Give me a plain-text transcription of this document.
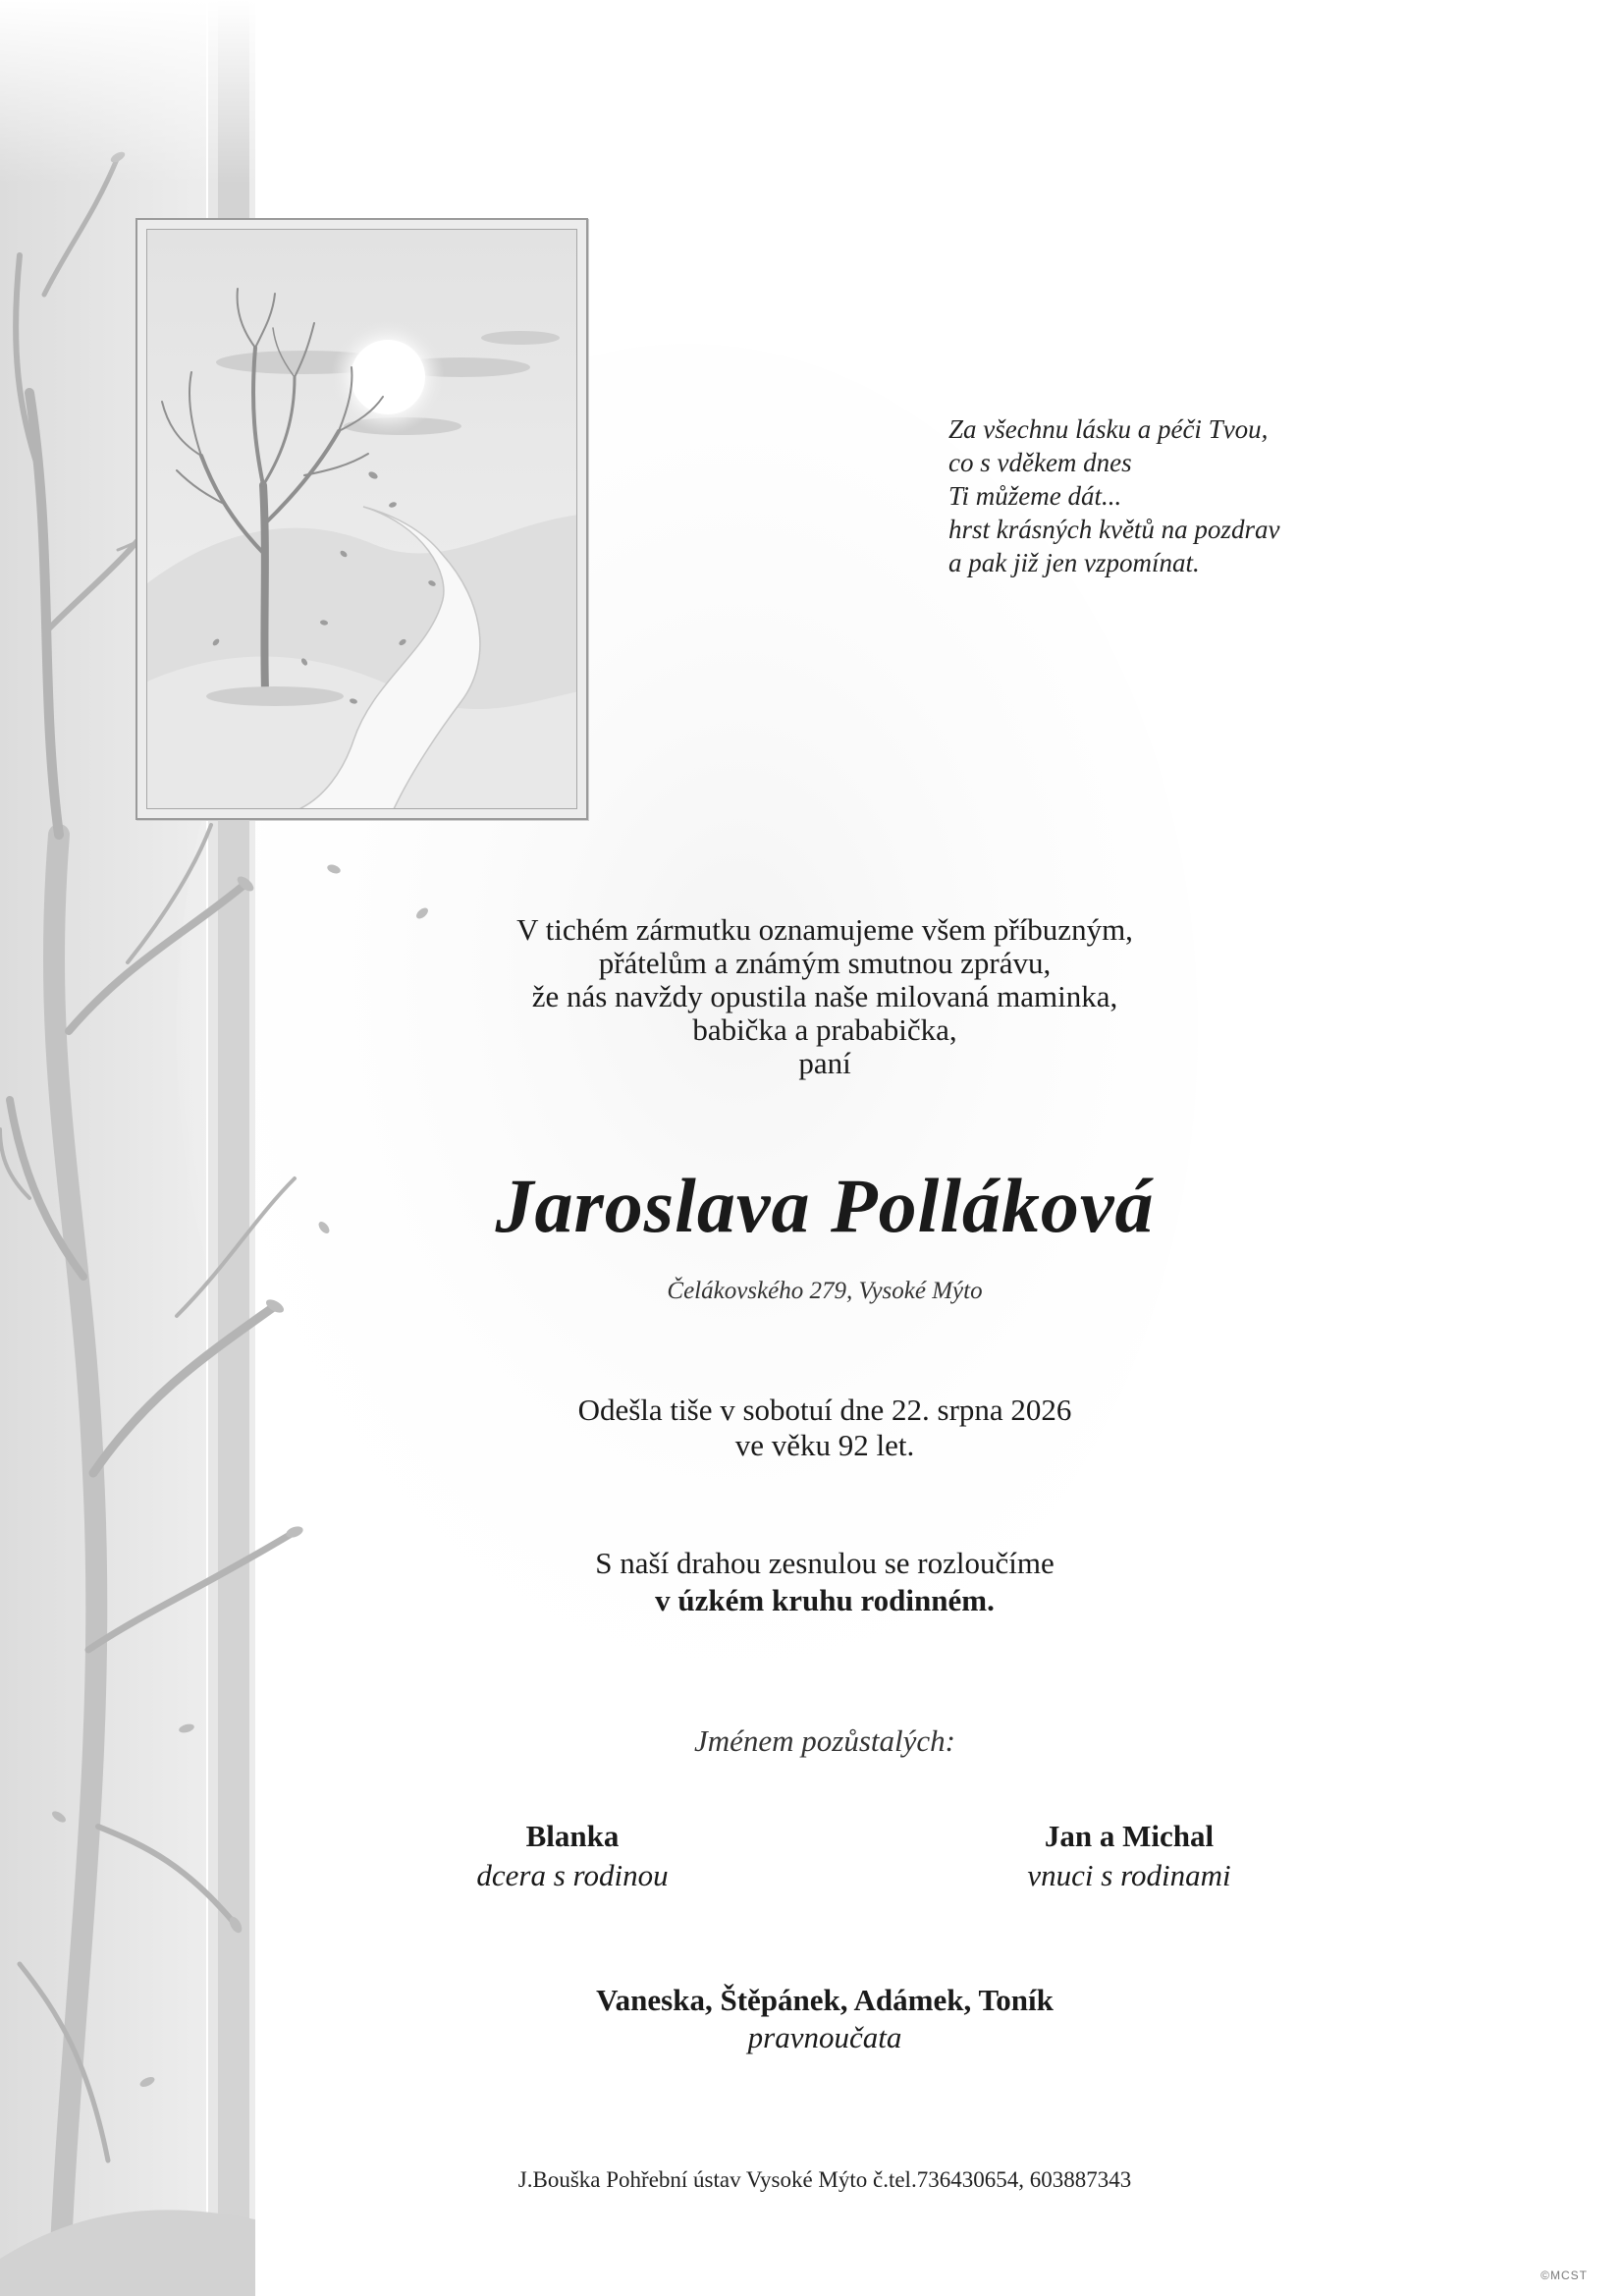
Za všechnu lásku a péči Tvou,
co s vděkem dnes
Ti můžeme dát...
hrst krásných květů na pozdrav
a pak již jen vzpomínat.
V tichém zármutku oznamujeme všem příbuzným,
přátelům a známým smutnou zprávu,
že nás navždy opustila naše milovaná maminka,
babička a prababička,
paní
Jaroslava Polláková
Čelákovského 279, Vysoké Mýto
Odešla tiše v sobotuí dne 22. srpna 2026
ve věku 92 let.
S naší drahou zesnulou se rozloučíme
v úzkém kruhu rodinném.
Jménem pozůstalých:
Blanka
dcera s rodinou
Jan a Michal
vnuci s rodinami
Vaneska, Štěpánek, Adámek, Toník
pravnoučata
J.Bouška Pohřební ústav Vysoké Mýto č.tel.736430654, 603887343
©MCST
